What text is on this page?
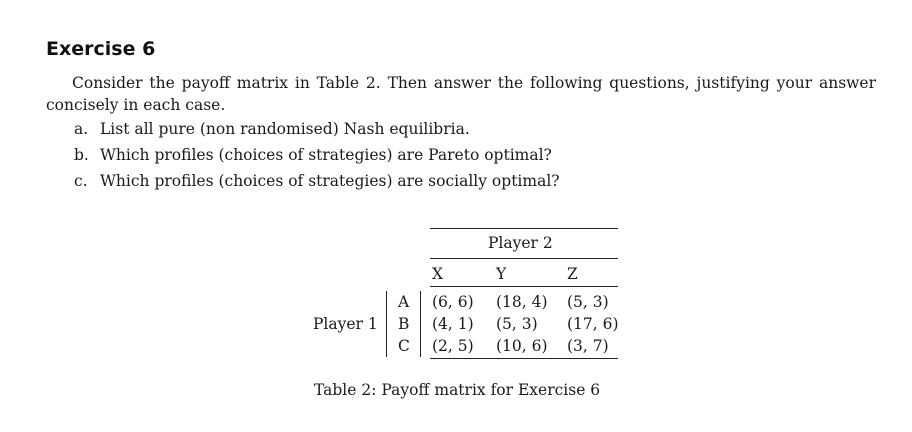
Exercise 6
Consider the payoff matrix in Table 2. Then answer the following questions, justifying your answer concisely in each case.
a. List all pure (non randomised) Nash equilibria.
b. Which profiles (choices of strategies) are Pareto optimal?
c. Which profiles (choices of strategies) are socially optimal?
Player 2
X	Y	Z
Player 1
A (6, 6) (18, 4) (5, 3)
B (4, 1) (5, 3) (17, 6)
C (2, 5) (10, 6) (3, 7)
Table 2: Payoff matrix for Exercise 6
